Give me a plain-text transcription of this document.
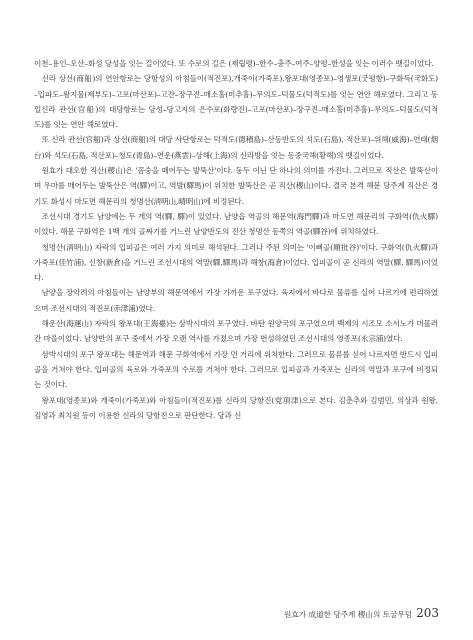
이천–용인–오산–화성 당성을 잇는 길이었다. 또 수로의 길은 (제립령)–한수–충주–여주–양평–한성을 잇는 이러수 뱃길이었다.

신라 상선(商船)의 연안항로는 당항성의 아침들이(적진포),개죽이(가죽포),왕포대(영종포)–영생포(굿평항)–구화득(국화도)–입파도–왕지물(제부도)–고포(마산포)–고잔–장구진–매소홀(미추홀)–무의도–덕물도(덕적도)를 잇는 연안 해로였다. 그리고 동일신라 관선(官船)의 대당항로는 당성–당고지의 은수포(화량진)–고포(마산포)–장구진–매소홀(미추홀)–무의도–덕물도(덕적도)를 잇는 연안 해로였다.

또 신라 관선(官船)과 상선(商船)의 대당 사단항로는 덕적도(德積島)–산동반도의 석도(石島), 적산포)–위해(威海)–연태(烟台)와 석도(石島, 적산포)–청도(青島)–연운(燕雲)–상해(上海)의 신라방을 잇는 동중국해(황해)의 뱃길이었다.

원효가 대오한 직산(稷山)은 '꼼숭을 떼어두는 발뚝산'이다. 둥두 이닌 단 하나의 의미를 가진다. 그러므로 직산은 발뚝산이며 우마를 매어두는 발뚝산은 역(驛)이고, 역발(驛馬)이 위치한 발뚝산은 곧 직산(稷山)이다. 결국 본격 해문 당주계 직산은 경기도 화성시 마도면 해문리의 청명산(淸明山,晴明山)에 비정된다.

조선시대 경기도 남양에는 두 개의 역(驛, 驛)이 있었다. 남양읍 역골의 해문역(海門驛)과 마도면 해문리의 구화역(仇火驛)이었다. 해문 구화역은 1백 개의 골짜기를 거느린 남양반도의 진산 청명산 동쪽의 역골(驛谷)에 위치하였다.

청명산(淸明山) 자락의 입피골은 여러 가지 의미로 해석된다. 그러나 주된 의미는 '이뻐골(順批谷)'이다. 구화역(仇火驛)과 가죽포(佳竹浦), 신창(新倉)을 거느린 조선시대의 역말(驛,驛馬)과 해창(海倉)이었다. 입피골이 곧 신라의 역말(驛, 驛馬)이었다.

남양을 장악려의 아침들이는 남양부의 해문역에서 가장 가까운 포구였다. 육지에서 바다로 물류를 실어 나르기에 편리하였으며 조선시대의 적진포(赤津浦)였다.

해운산(海運山) 자락의 왕포대(王海臺)는 삼박시대의 포구였다. 바탄 원양국의 포구였으며 백제의 시조모 소서노가 머물러 간 마을이었다. 남양반의 포구 중에서 가장 오랜 역사를 가졌으며 가장 번성하였던 조선시대의 영종포(永宗浦)였다.

삼박시대의 포구 왕포대는 해문역과 해문 구화역에서 가장 먼 거리에 위치한다. 그러므로 물류를 싣어 나르자면 반드시 입피골을 거쳐야 한다. 입피골의 육로와 가죽포의 수로를 거쳐야 한다. 그러므로 입피골과 가죽포는 신라의 역말과 포구에 비정되는 것이다.

왕포대(영종포)와 개죽이(가죽포)와 아침들이(적진포)를 신라의 당항진(党項津)으로 본다. 김춘추와 김범민, 의상과 원왕, 김영과 최치원 등이 이용한 신라의 당항진으로 판단한다. 당과 신

원효가 成道한 당주계 稷山의 토굴무덤 203
